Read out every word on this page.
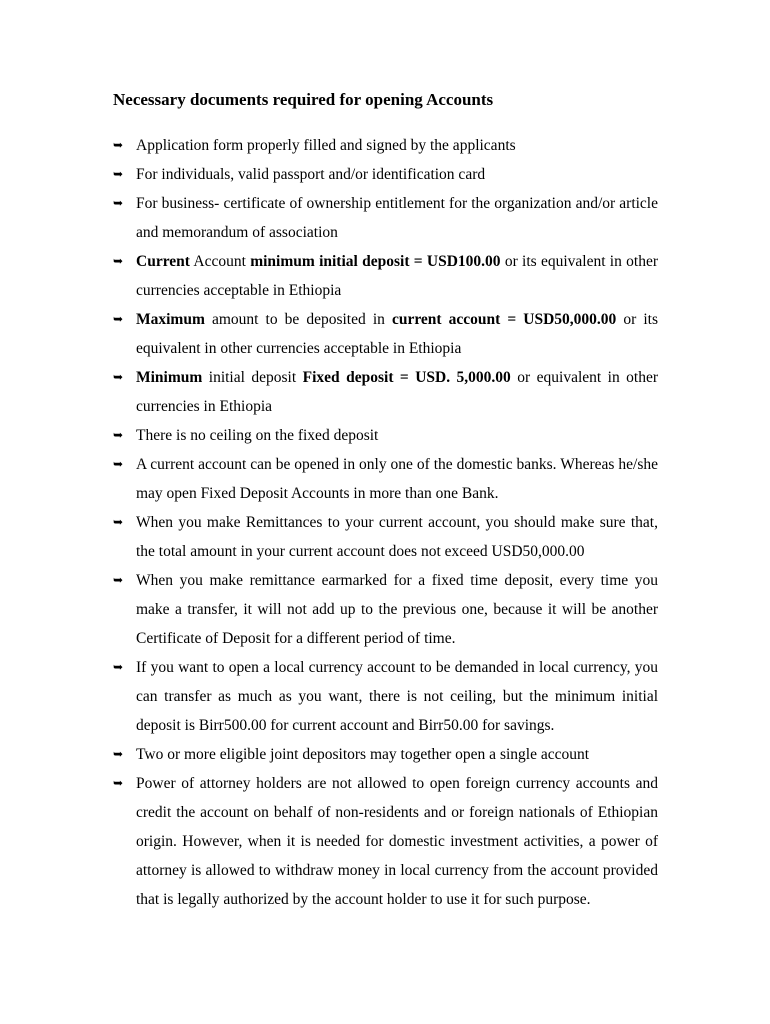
Necessary documents required for opening Accounts
➥ Application form properly filled and signed by the applicants
➥ For individuals, valid passport and/or identification card
➥ For business- certificate of ownership entitlement for the organization and/or article and memorandum of association
➥ Current Account minimum initial deposit = USD100.00 or its equivalent in other currencies acceptable in Ethiopia
➥ Maximum amount to be deposited in current account = USD50,000.00 or its equivalent in other currencies acceptable in Ethiopia
➥ Minimum initial deposit Fixed deposit = USD. 5,000.00 or equivalent in other currencies in Ethiopia
➥ There is no ceiling on the fixed deposit
➥ A current account can be opened in only one of the domestic banks. Whereas he/she may open Fixed Deposit Accounts in more than one Bank.
➥ When you make Remittances to your current account, you should make sure that, the total amount in your current account does not exceed USD50,000.00
➥ When you make remittance earmarked for a fixed time deposit, every time you make a transfer, it will not add up to the previous one, because it will be another Certificate of Deposit for a different period of time.
➥ If you want to open a local currency account to be demanded in local currency, you can transfer as much as you want, there is not ceiling, but the minimum initial deposit is Birr500.00 for current account and Birr50.00 for savings.
➥ Two or more eligible joint depositors may together open a single account
➥ Power of attorney holders are not allowed to open foreign currency accounts and credit the account on behalf of non-residents and or foreign nationals of Ethiopian origin. However, when it is needed for domestic investment activities, a power of attorney is allowed to withdraw money in local currency from the account provided that is legally authorized by the account holder to use it for such purpose.
